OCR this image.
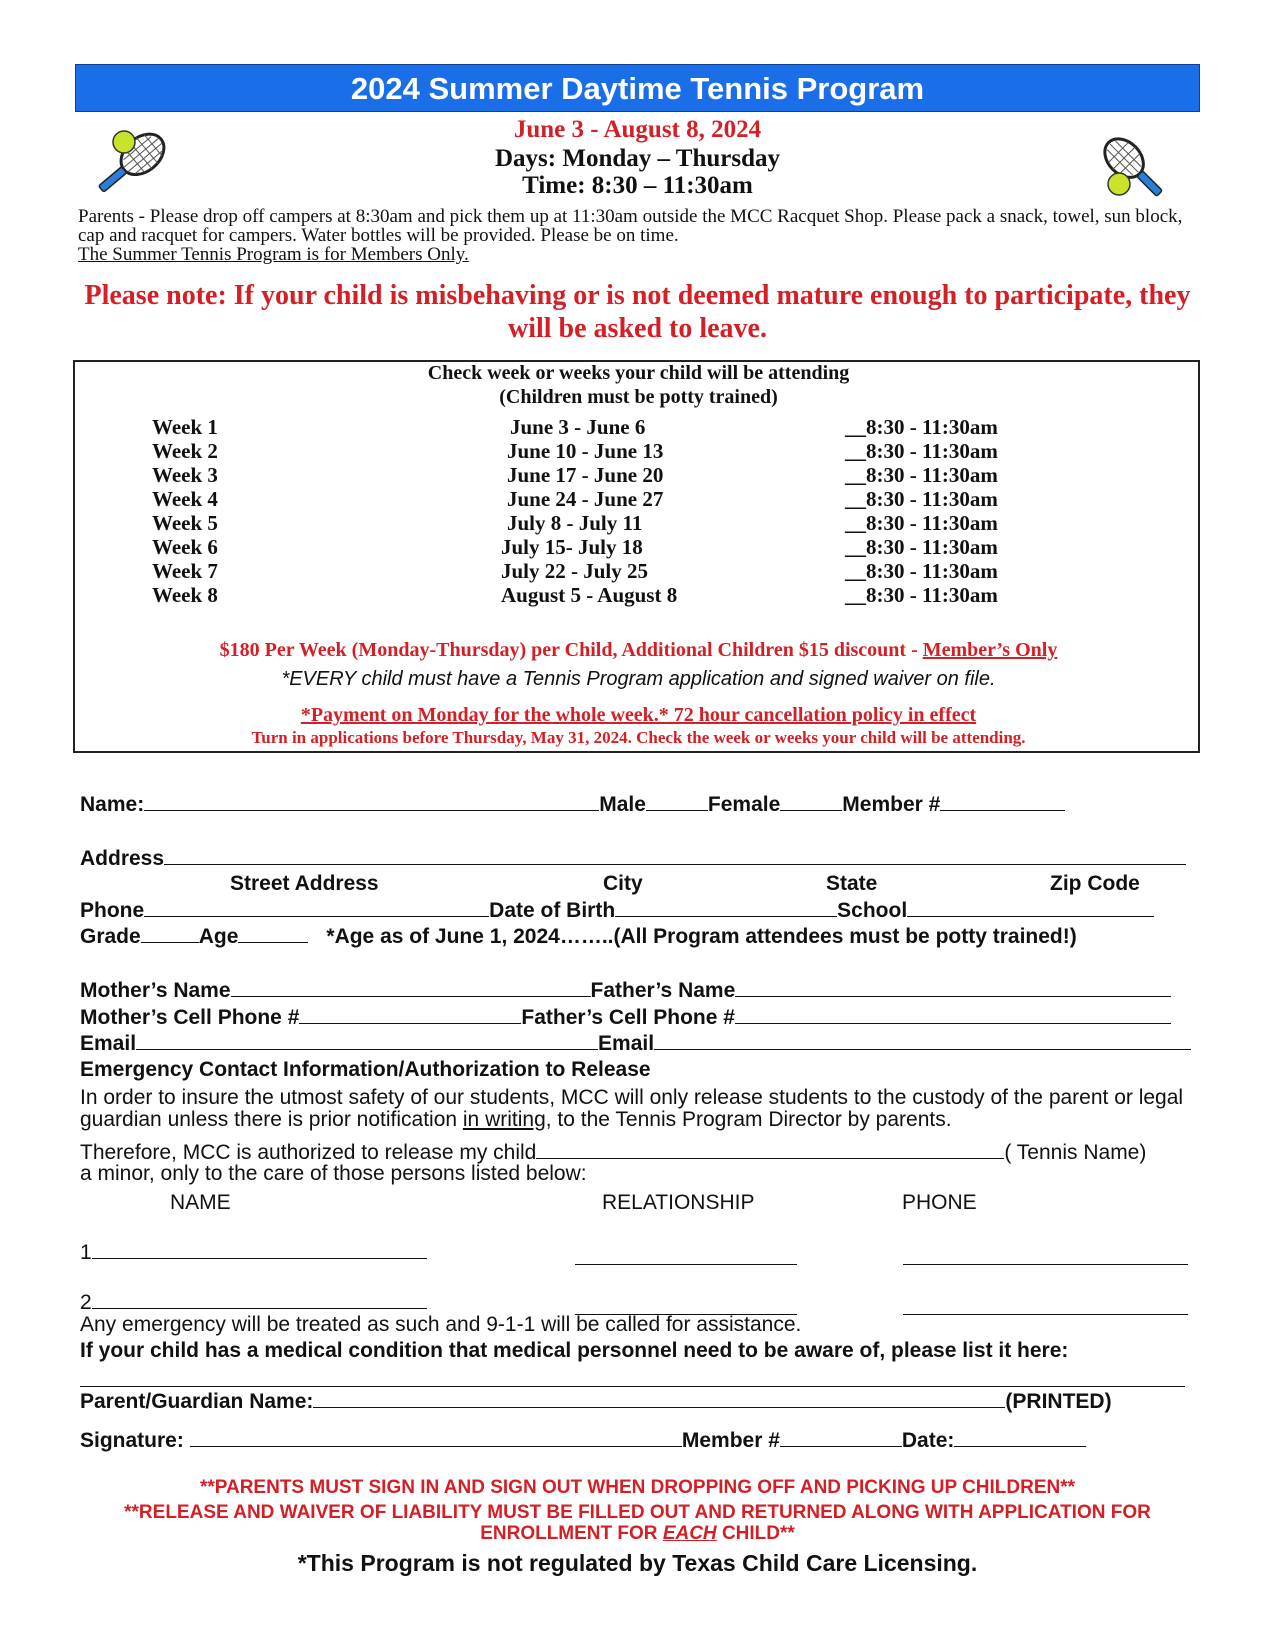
2024 Summer Daytime Tennis Program
June 3 - August 8, 2024
Days: Monday – Thursday
Time: 8:30 – 11:30am
Parents - Please drop off campers at 8:30am and pick them up at 11:30am outside the MCC Racquet Shop. Please pack a snack, towel, sun block, cap and racquet for campers. Water bottles will be provided. Please be on time.
The Summer Tennis Program is for Members Only.
Please note: If your child is misbehaving or is not deemed mature enough to participate, they will be asked to leave.
Check week or weeks your child will be attending
(Children must be potty trained)
Week 1	June 3 - June 6	__8:30 - 11:30am
Week 2	June 10 - June 13	__8:30 - 11:30am
Week 3	June 17 - June 20	__8:30 - 11:30am
Week 4	June 24 - June 27	__8:30 - 11:30am
Week 5	July 8 - July 11	__8:30 - 11:30am
Week 6	July 15- July 18	__8:30 - 11:30am
Week 7	July 22 - July 25	__8:30 - 11:30am
Week 8	August 5 - August 8	__8:30 - 11:30am
$180 Per Week (Monday-Thursday) per Child, Additional Children $15 discount - Member’s Only
*EVERY child must have a Tennis Program application and signed waiver on file.
*Payment on Monday for the whole week.* 72 hour cancellation policy in effect
Turn in applications before Thursday, May 31, 2024. Check the week or weeks your child will be attending.
Name:	Male	Female	Member #
Address
Street Address	City	State	Zip Code
Phone	Date of Birth	School
Grade	Age	*Age as of June 1, 2024……..(All Program attendees must be potty trained!)
Mother’s Name	Father’s Name
Mother’s Cell Phone #	Father’s Cell Phone #
Email	Email
Emergency Contact Information/Authorization to Release
In order to insure the utmost safety of our students, MCC will only release students to the custody of the parent or legal guardian unless there is prior notification in writing, to the Tennis Program Director by parents.
Therefore, MCC is authorized to release my child	( Tennis Name)
a minor, only to the care of those persons listed below:
NAME	RELATIONSHIP	PHONE
1
2
Any emergency will be treated as such and 9-1-1 will be called for assistance.
If your child has a medical condition that medical personnel need to be aware of, please list it here:
Parent/Guardian Name:	(PRINTED)
Signature:	Member #	Date:
**PARENTS MUST SIGN IN AND SIGN OUT WHEN DROPPING OFF AND PICKING UP CHILDREN**
**RELEASE AND WAIVER OF LIABILITY MUST BE FILLED OUT AND RETURNED ALONG WITH APPLICATION FOR ENROLLMENT FOR EACH CHILD**
*This Program is not regulated by Texas Child Care Licensing.
